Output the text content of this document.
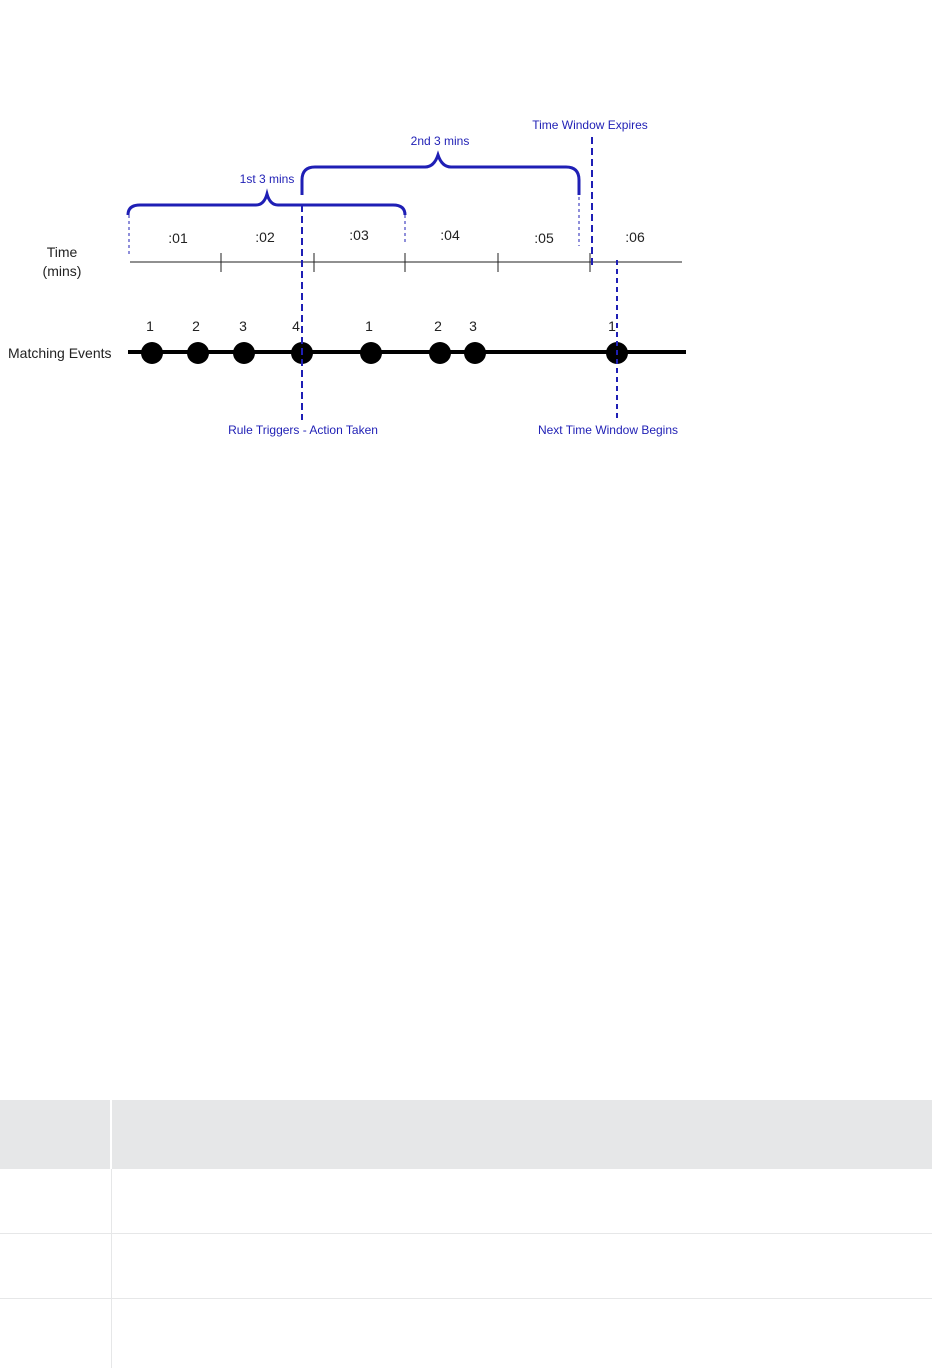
Time
(mins)
:01	:02	:03	:04	:05	:06
1st 3 mins
2nd 3 mins
Time Window Expires
Matching Events
1	2	3	4	1	2 3	1
Rule Triggers - Action Taken	Next Time Window Begins
